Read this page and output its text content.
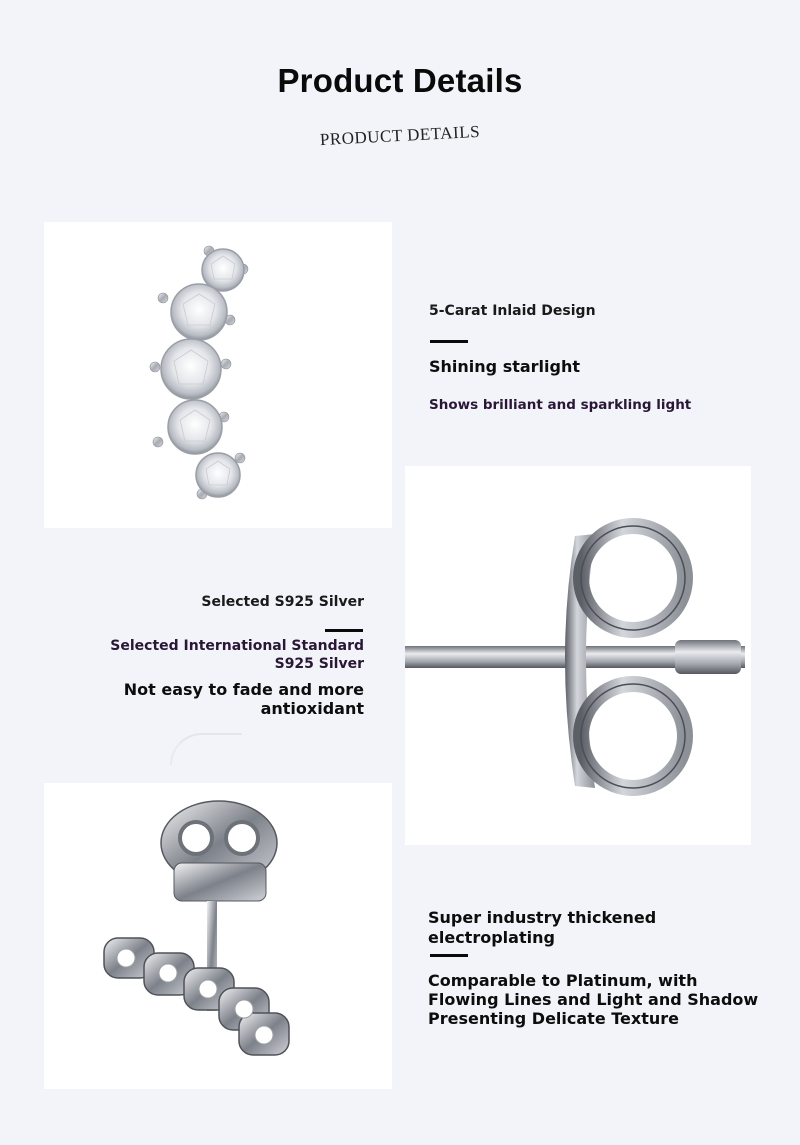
Product Details
PRODUCT DETAILS
5-Carat Inlaid Design
Shining starlight
Shows brilliant and sparkling light
Selected S925 Silver
Selected International Standard
S925 Silver
Not easy to fade and more
antioxidant
Super industry thickened
electroplating
Comparable to Platinum, with
Flowing Lines and Light and Shadow
Presenting Delicate Texture
